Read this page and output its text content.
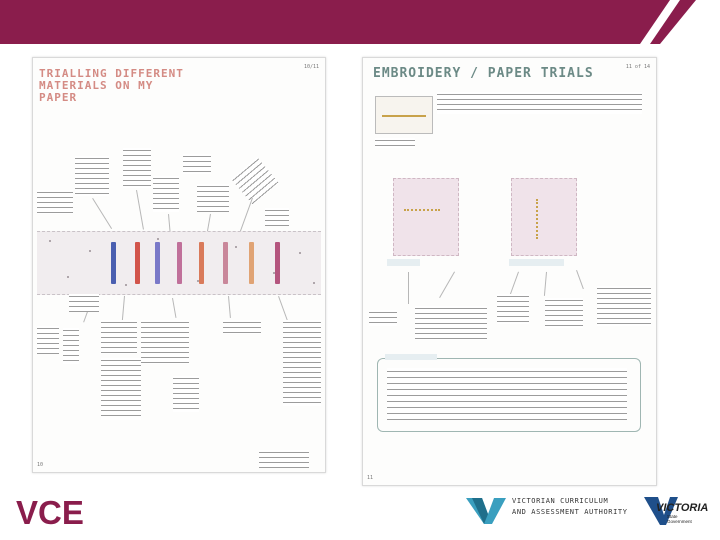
TRIALLING DIFFERENT MATERIALS ON MY
PAPER
10/11
10
EMBROIDERY / PAPER TRIALS	11 of 14

11
VCE	VICTORIAN CURRICULUM
AND ASSESSMENT AUTHORITY	VICTORIA
State
Government
